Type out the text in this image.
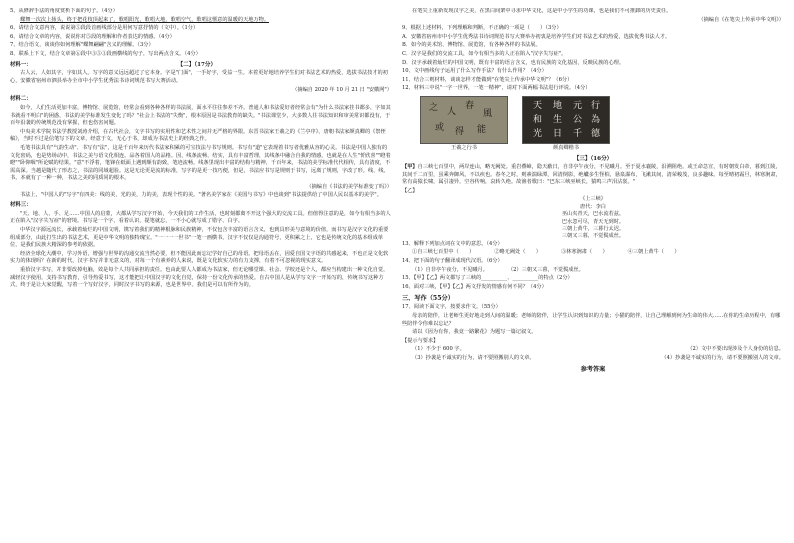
5、从修辞手法的角度赏析下面的句子。（4分）

蝶舞一次次上扬头，终于把花枝顶起来了，歌唱阳光，歌唱大地，歌唱空气，歌唱这惬意的温暖的天地万物。

6、请结合文意内容，说说第⑤段段首画线部分是用何写意抒情的（文中）。（1分）

6、请结合文章的内容，说说你对⑤段的理解和作者表达的情感。（4分）

7、结合语文，谈谈你如何理解"蝶舞翩翩"含义的理解。（3分）

8、联系上下文，结合文章第⑥段中③⑤③段画横线的句子，写出两点含义。（4分）

材料一：	【二】（17分）

古人云，人如其字，字如其人。写字的意义远远超过了它本身。字是"门面"，一手好字，受益一生。本着更好地培养学生们对书法艺术的热爱，选拔书法技才的初心，安徽省宿州市泗县举办全市中小学生优秀法书诗词规范书写大赛活动。

（摘编自 2020 年 10 月 21 日 "安徽网"）

材料二：

如今，人们生活更加丰富，博物馆、展览馆，经常会看到各种各样的书法展，面水平往往参差不齐。普通人和书法爱好者经常会有"为什么书法家挂书都多，字如其书就看不明白"的困惑，书法的美学标准发生变化了吗？"社会上书法的"失衡"，根本原因是书法教育的缺失。"书法课堂少，大多数人往书法知识和审美常识都没有，于百年沿袭的传统规范没有掌握，但也伤害问题。

中央美术学院书法学教授刘涛介绍，在古代社会，文字书写的实用性和艺术性之间并无严格的界限。东晋书法家王羲之的《兰亭序》，唐朝书法家颜真卿的《祭侄稿》，当时不过是信笔写下的文章，经意于文，无心于书，却成为书法史上的经典之作。

毛笔书法具有"气韵生动"、书写有"法"，这是千百年来历代书法家积累的可宝技法与书写规则。书写有"道"它表现着书写者优雅从容的心灵。书法是中国人独有的文化密码，也是势场动中，书法之美与语文化相连。品各着国人的品格。因，线条流畅、结实，具有丰富哲理，其线条中融合自我的情感，也就是在人生"忻欣喜""瞪着瞪""卧仰咽"所论赋的结果。"意"不浮着，笔锋在纸面上遇到颇有韵致，笔迹流畅，线条里现出丰富的结构与精神，千百年来，书法的美学标准代代相传，具有清度，不需高深。当越是随代了形态之，书法的同域超验。这是无论更是流的标准，写字的是更一技巧便，但是，书法应书写是规则于书写，远离了规则，字改了形。线、线、书，本就有了一种一种，书法之美的同质同的根本。

（摘编自《书法的美学标准变了吗》）

书法上，"中国人的"写字"有四美：线的美，光的美，力的美，表现个性的美。"著名美学家在《美国与书写》中也谈到"书法提供给了中国人民以基本的美学"。

材料三：

"天、地、人、手、足……中国人的启蒙，大都从学写汉字开始，今天我们的工作生活，也时刻都离不开这个强大的交流工具。但值得注意的是，如今有相当多的人正在陷入"汉字失写症"的窘境。书写是一个字，看着认识，提笔就忘，一不小心就写成了错字、白字。

中华汉字源远流长，承载着灿烂的中国文明，镌写着我们的精神根脉和民族精神，不仅包含丰富的语言含义，也到具形美与意境的价值，而书写是汉字文化的重要组成部分，由此打生出的书法艺术，更是中华文明的独特瑰宝。"一一一一世书"一笔一画横书，汉字不仅仅是沟通符号，更积累之上，它也是传统文化的基本组成单位，是我们民族大精深的参考的依据。

经济全球化大潮中，学习外语，增强与世界的沟通交流当然必要，但不能因此而忘记学好自己的母语。把母语丢在，因爱自国文字语的共感起来，不也正是文化软实力的体现吗？在新的时代，汉字书写并非无意义的，对每一个有素养的人来说，既是文化软实力的有力支撑，有着不可忽视的现实意义。

重拾汉字书写，并非要改掉电脑，效是每个人共同承担的责任。也由此要人人都成为书法家，但无论哪堂课、社会、学校还是个人，都应当构建出一种文化自觉，减轻汉字使用，支持书写教育，引导热爱书写，这才能把让中国汉字的文化自觉，保持一份文化传承的热爱。自古中国人是从学写文字一开始写的，传统书写这种方式，终于是让大家觉醒，写着一个写好汉字，同时汉字书写的来源，也是世界中。我们是可以有所作为的。

在笔尖上重新发现汉字之美，在黑白间架中寻求中华文化，这是中小学生的功课，也是我们不可推卸的历史责任。

（摘编自《在笔尖上传承中华文明》）

9、根据上述材料，下列理解和判断，不正确的一项是（　　）（3分）

A．安徽省宿州市中小学生优秀法书诗词规范书写大赛举办初衷是培养学生们对书法艺术的热爱，选拔优秀书法人才。

B．如今的美术馆、博物馆、展览馆，有各种各样的书法展。

C．汉字是我们的交流工具，如今有相当多的人正在陷入"汉字失写症"。

D．汉字承载着灿烂的中国文明，既有丰富的语言含义，也有民族的文化基因，反映民族的心理。

10、文中画线句子运用了什么写作手法？有什么作用？（4分）

11、结合三则材料，谈谈怎样才能做到"在笔尖上传承中华文明"？（6分）

12、材料三中说"一字一世界，一笔一精神"，请对下面两幅书法进行评说。（4分）

之 人
春
風
或 得 能
王羲之行书
天 地 元 行
和 生 公 為
光 日 千 德
颜真卿楷书

【三】（16分）

【甲】自三峡七百里中，两岸连山，略无阙处。重岩叠嶂，隐天蔽日，自非亭午夜分，不见曦月。至于夏水襄陵，沿溯阻绝。或王命急宣，有时朝发白帝，暮到江陵，其间千二百里，虽乘奔御风，不以疾也。春冬之时，则素湍绿潭，回清倒影，绝巘多生怪柏，悬泉瀑布，飞漱其间，清荣峻茂，良多趣味。每至晴初霜旦，林寒涧肃，常有高猿长啸，属引凄异，空谷传响，哀转久绝。故渔者歌曰："巴东三峡巫峡长，猿鸣三声泪沾裳。"

【乙】

《上三峡》

唐代：李白

巫山夹青天，巴水流若兹。

巴水忽可尽，青天无到时。

三朝上黄牛，三暮行太迟。

三朝又三暮，不觉鬓成丝。

13、解释下列加点词在文中的意思。（4分）

①自三峡七百里中（　　）	②略无阙处（　　）	③林寒涧肃（　　）	④三朝上黄牛（　　）

14、把下面的句子翻译成现代汉语。（6分）

（1）自非亭午夜分，不见曦月。	（2）三朝又三暮，不觉鬓成丝。

15、【甲】【乙】两文都写了三峡的__________、__________的特点（2分）

16、面对三峡，【甲】【乙】两文抒发的情感有何不同？（4分）

三、写作（55分）

17、阅读下面文字，按要求作文。（55分）

母亲的陪伴，让老师生更好地走到人间的温暖；老师的陪伴，让学生认识到知识的力量；小猫的陪伴，让自己理解到何为生命的伟大……在你的生命历程中，有哪些陪伴令你难以忘记？

请以《因为有你，我竟一路繁花》为题写一篇记叙文。

【提示与要求】

（1）不少于 600 字。	（2）文中不要出现涉及个人身份的信息。
（3）抄袭是不诚实的行为，请不要照搬别人的文章。	（4）抄袭是不诚实的行为，请不要照搬别人的文章。
参考答案
